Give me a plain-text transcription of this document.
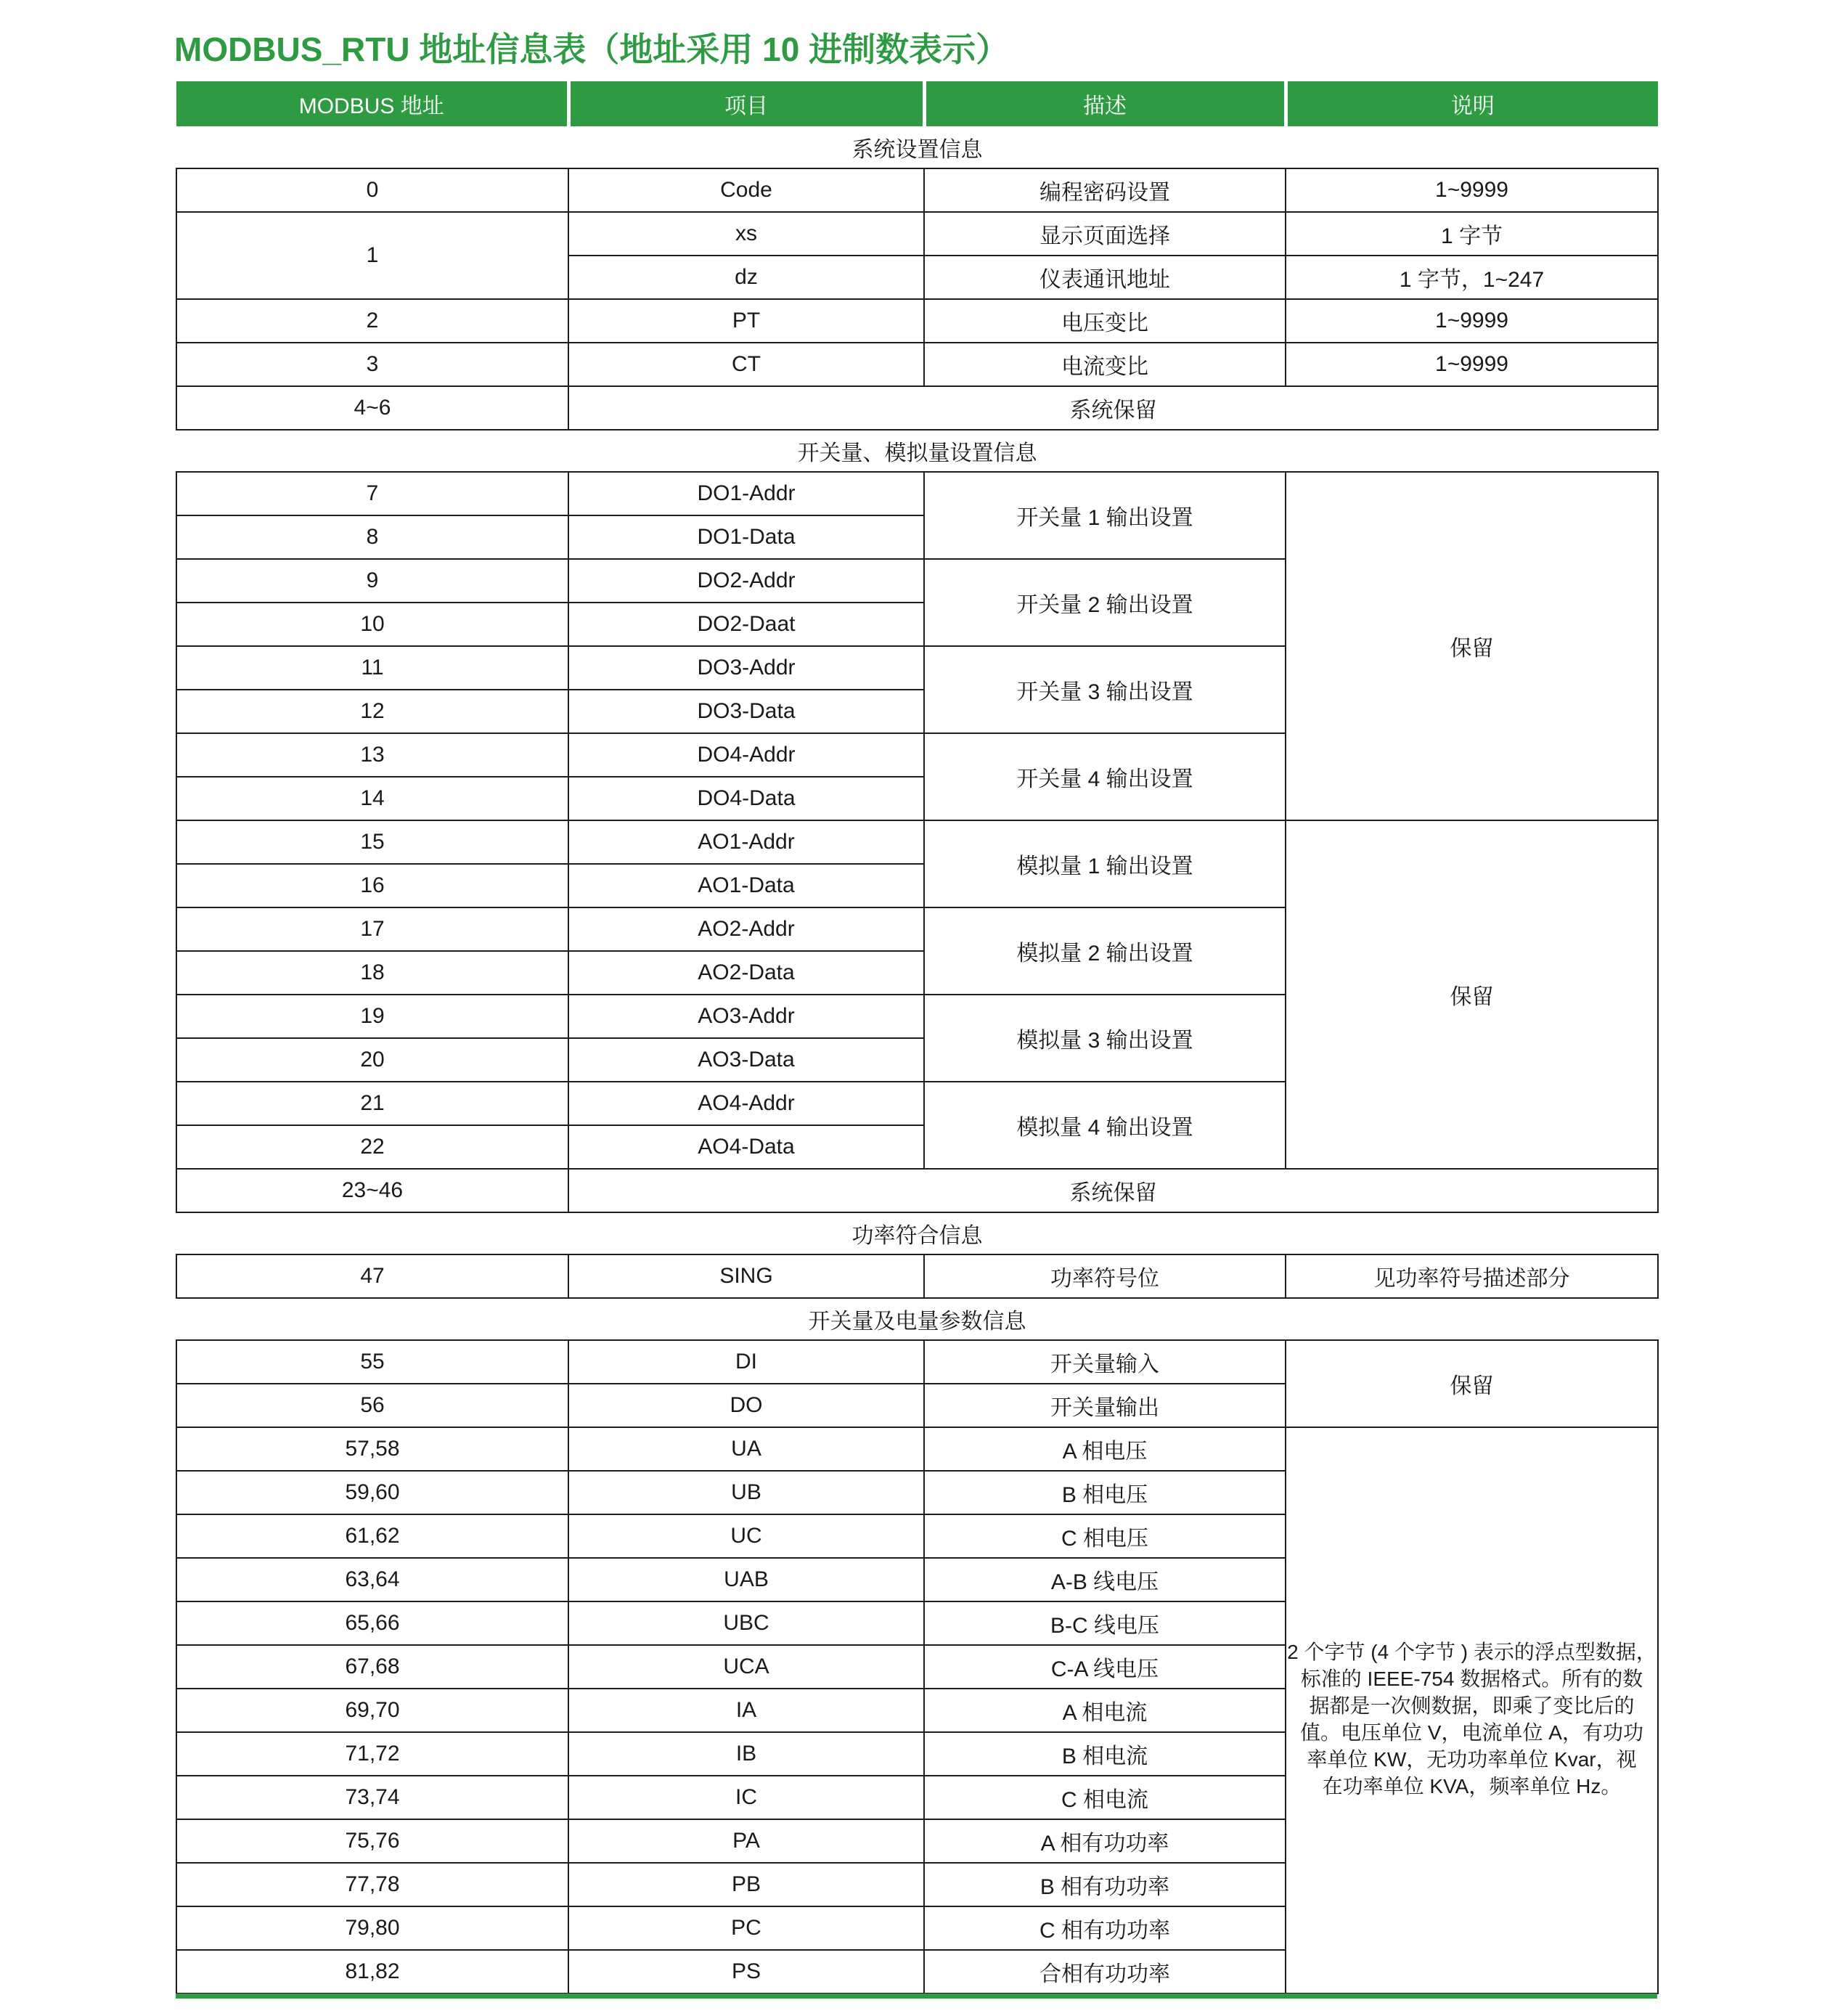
MODBUS_RTU 地址信息表（地址采用 10 进制数表示）
MODBUS 地址	项目	描述	说明
系统设置信息			
0	Code	编程密码设置	1~9999
1	xs	显示页面选择	1 字节
	dz	仪表通讯地址	1 字节，1~247
2	PT	电压变比	1~9999
3	CT	电流变比	1~9999
4~6	系统保留		
开关量、模拟量设置信息			
7	DO1-Addr	开关量 1 输出设置	保留
8	DO1-Data		
9	DO2-Addr	开关量 2 输出设置	
10	DO2-Daat		
11	DO3-Addr	开关量 3 输出设置	
12	DO3-Data		
13	DO4-Addr	开关量 4 输出设置	
14	DO4-Data		
15	AO1-Addr	模拟量 1 输出设置	保留
16	AO1-Data		
17	AO2-Addr	模拟量 2 输出设置	
18	AO2-Data		
19	AO3-Addr	模拟量 3 输出设置	
20	AO3-Data		
21	AO4-Addr	模拟量 4 输出设置	
22	AO4-Data		
23~46	系统保留		
功率符合信息			
47	SING	功率符号位	见功率符号描述部分
开关量及电量参数信息			
55	DI	开关量输入	保留
56	DO	开关量输出	
57,58	UA	A 相电压	
2 个字节 (4 个字节 ) 表示的浮点型数据，
标准的 IEEE-754 数据格式。所有的数
据都是一次侧数据，即乘了变比后的
值。电压单位 V，电流单位 A，有功功
率单位 KW，无功功率单位 Kvar，视
在功率单位 KVA，频率单位 Hz。

59,60	UB	B 相电压	
61,62	UC	C 相电压	
63,64	UAB	A-B 线电压	
65,66	UBC	B-C 线电压	
67,68	UCA	C-A 线电压	
69,70	IA	A 相电流	
71,72	IB	B 相电流	
73,74	IC	C 相电流	
75,76	PA	A 相有功功率	
77,78	PB	B 相有功功率	
79,80	PC	C 相有功功率	
81,82	PS	合相有功功率	
